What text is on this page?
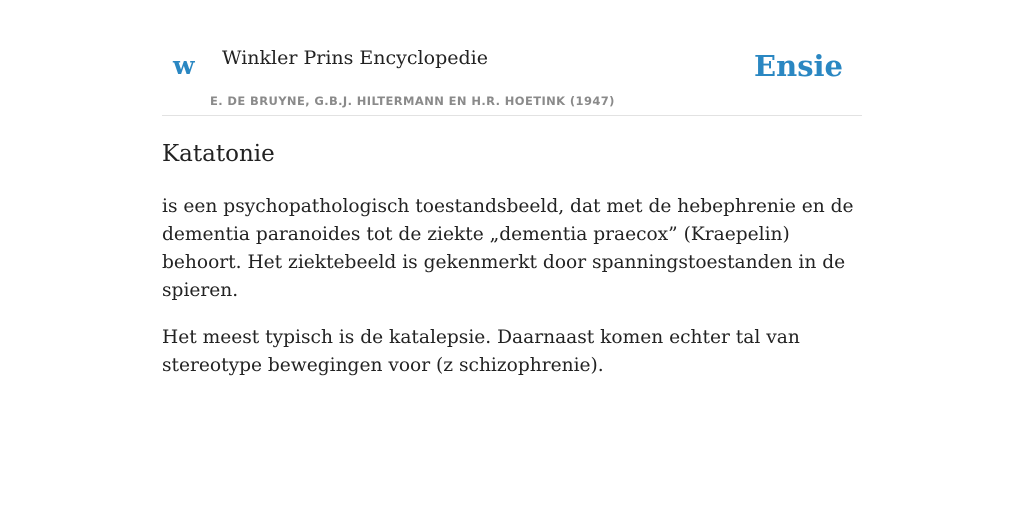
w Winkler Prins Encyclopedie
E. DE BRUYNE, G.B.J. HILTERMANN EN H.R. HOETINK (1947)
Ensie
Katatonie

is een psychopathologisch toestandsbeeld, dat met de hebephrenie en de dementia paranoides tot de ziekte „dementia praecox” (Kraepelin) behoort. Het ziektebeeld is gekenmerkt door spanningstoestanden in de spieren.

Het meest typisch is de katalepsie. Daarnaast komen echter tal van stereotype bewegingen voor (z schizophrenie).
